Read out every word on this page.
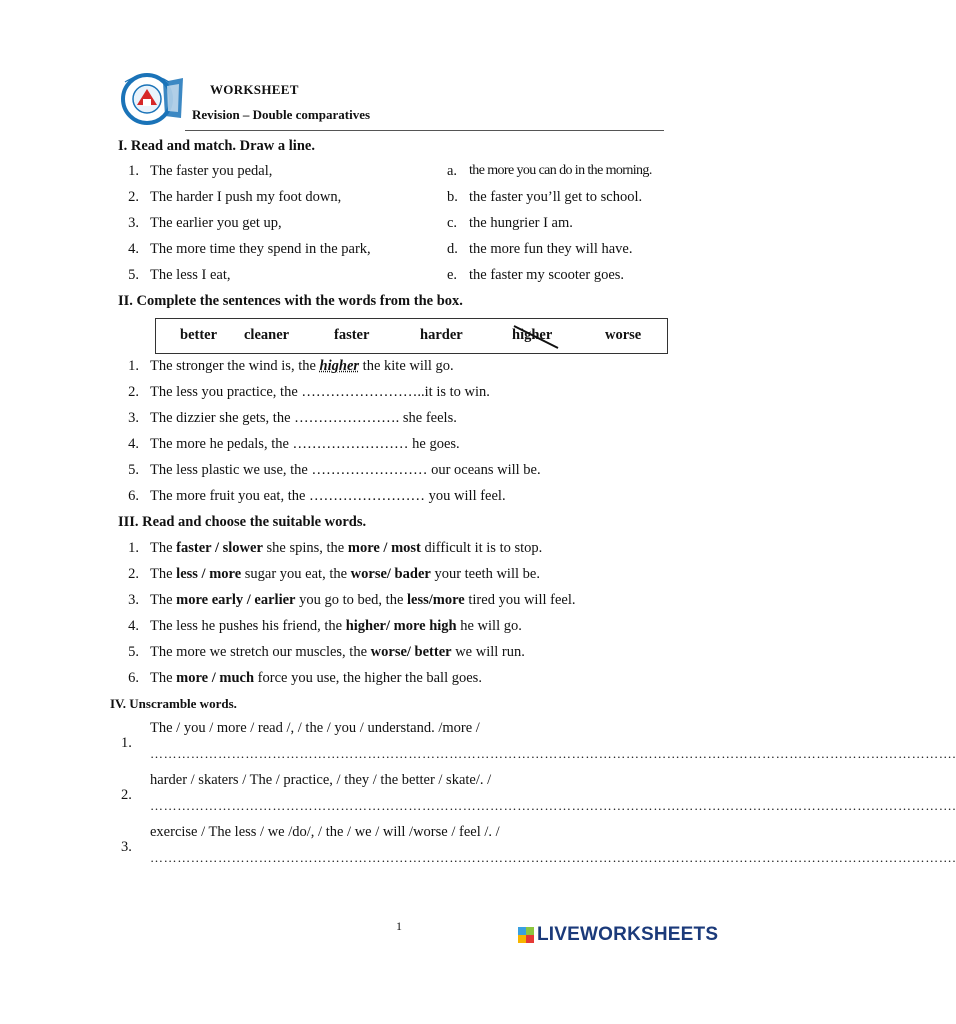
WORKSHEET
Revision – Double comparatives
I. Read and match. Draw a line.
1. The faster you pedal,
2. The harder I push my foot down,
3. The earlier you get up,
4. The more time they spend in the park,
5. The less I eat,
a. the more you can do in the morning.
b. the faster you’ll get to school.
c. the hungrier I am.
d. the more fun they will have.
e. the faster my scooter goes.
II. Complete the sentences with the words from the box.
better cleaner	faster	harder	higher	worse
1. The stronger the wind is, the higher the kite will go.
2. The less you practice, the ……………………..it is to win.
3. The dizzier she gets, the …………………. she feels.
4. The more he pedals, the …………………… he goes.
5. The less plastic we use, the …………………… our oceans will be.
6. The more fruit you eat, the …………………… you will feel.
III. Read and choose the suitable words.
1. The faster / slower she spins, the more / most difficult it is to stop.
2. The less / more sugar you eat, the worse/ bader your teeth will be.
3. The more early / earlier you go to bed, the less/more tired you will feel.
4. The less he pushes his friend, the higher/ more high he will go.
5. The more we stretch our muscles, the worse/ better we will run.
6. The more / much force you use, the higher the ball goes.
IV. Unscramble words.
The / you / more / read /, / the / you / understand. /more /
1.
…………………………………………………………………………………………………………………………………………………………….
harder / skaters / The / practice, / they / the better / skate/. /
2.
…………………………………………………………………………………………………………………………………………………………….
exercise / The less / we /do/, / the / we / will /worse / feel /. /
3.
…………………………………………………………………………………………………………………………………………………………….
1	LIVEWORKSHEETS
